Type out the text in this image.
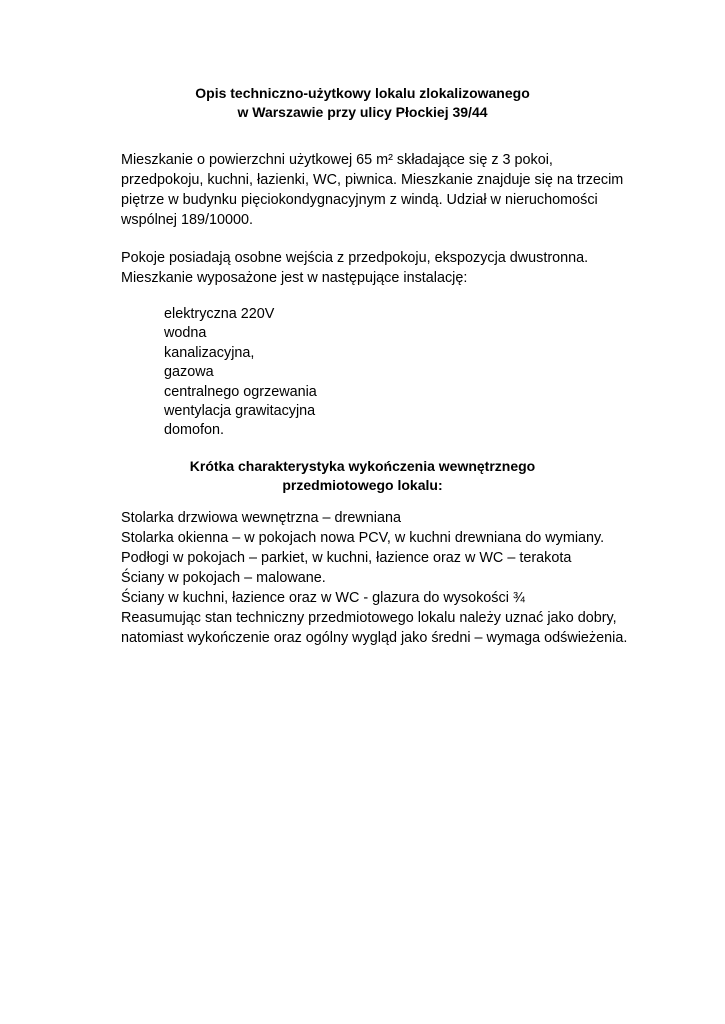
Opis techniczno-użytkowy lokalu zlokalizowanego
w Warszawie przy ulicy Płockiej 39/44

Mieszkanie o powierzchni użytkowej 65 m² składające się z 3 pokoi,
przedpokoju, kuchni, łazienki, WC, piwnica. Mieszkanie znajduje się na trzecim
piętrze w budynku pięciokondygnacyjnym z windą. Udział w nieruchomości
wspólnej 189/10000.

Pokoje posiadają osobne wejścia z przedpokoju, ekspozycja dwustronna.
Mieszkanie wyposażone jest w następujące instalację:

elektryczna 220V
wodna
kanalizacyjna,
gazowa
centralnego ogrzewania
wentylacja grawitacyjna
domofon.
Krótka charakterystyka wykończenia wewnętrznego
przedmiotowego lokalu:

Stolarka drzwiowa wewnętrzna – drewniana
Stolarka okienna – w pokojach nowa PCV, w kuchni drewniana do wymiany.
Podłogi w pokojach – parkiet, w kuchni, łazience oraz w WC – terakota
Ściany w pokojach – malowane.
Ściany w kuchni, łazience oraz w WC - glazura do wysokości ¾
Reasumując stan techniczny przedmiotowego lokalu należy uznać jako dobry,
natomiast wykończenie oraz ogólny wygląd jako średni – wymaga odświeżenia.
